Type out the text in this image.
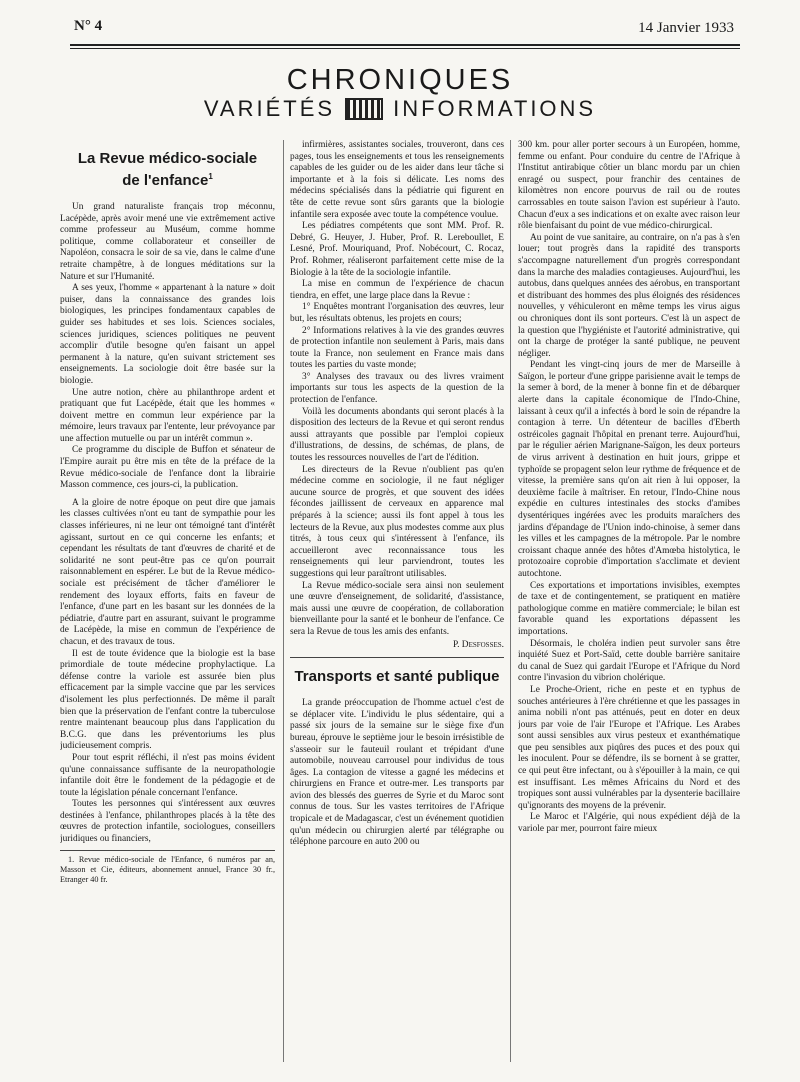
N° 4	14 Janvier 1933
CHRONIQUES
VARIÉTÉS	INFORMATIONS
La Revue médico-sociale
de l'enfance$^1$

Un grand naturaliste français trop méconnu, Lacépède, après avoir mené une vie extrêmement active comme professeur au Muséum, comme homme politique, comme collaborateur et conseiller de Napoléon, consacra le soir de sa vie, dans le calme d'une retraite champêtre, à de longues méditations sur la Nature et sur l'Humanité.

A ses yeux, l'homme « appartenant à la nature » doit puiser, dans la connaissance des grandes lois biologiques, les principes fondamentaux capables de guider ses habitudes et ses lois. Sciences sociales, sciences juridiques, sciences politiques ne peuvent accomplir d'utile besogne qu'en faisant un appel permanent à la nature, qu'en suivant strictement ses enseignements. La sociologie doit être basée sur la biologie.

Une autre notion, chère au philanthrope ardent et pratiquant que fut Lacépède, était que les hommes « doivent mettre en commun leur expérience par la mémoire, leurs travaux par l'entente, leur prévoyance par une affection mutuelle ou par un intérêt commun ».

Ce programme du disciple de Buffon et sénateur de l'Empire aurait pu être mis en tête de la préface de la Revue médico-sociale de l'enfance dont la librairie Masson commence, ces jours-ci, la publication.

A la gloire de notre époque on peut dire que jamais les classes cultivées n'ont eu tant de sympathie pour les classes inférieures, ni ne leur ont témoigné tant d'intérêt agissant, surtout en ce qui concerne les enfants; et cependant les résultats de tant d'œuvres de charité et de solidarité ne sont peut-être pas ce qu'on pourrait raisonnablement en espérer. Le but de la Revue médico-sociale est précisément de tâcher d'améliorer le rendement des loyaux efforts, faits en faveur de l'enfance, d'une part en les basant sur les données de la pédiatrie, d'autre part en assurant, suivant le programme de Lacépède, la mise en commun de l'expérience de chacun, et des travaux de tous.

Il est de toute évidence que la biologie est la base primordiale de toute médecine prophylactique. La défense contre la variole est assurée bien plus efficacement par la simple vaccine que par les services d'isolement les plus perfectionnés. De même il paraît bien que la préservation de l'enfant contre la tuberculose rentre maintenant beaucoup plus dans l'application du B.C.G. que dans les préventoriums les plus judicieusement compris.

Pour tout esprit réfléchi, il n'est pas moins évident qu'une connaissance suffisante de la neuropathologie infantile doit être le fondement de la pédagogie et de toute la législation pénale concernant l'enfance.

Toutes les personnes qui s'intéressent aux œuvres destinées à l'enfance, philanthropes placés à la tête des œuvres de protection infantile, sociologues, conseillers juridiques ou financiers,

1. Revue médico-sociale de l'Enfance, 6 numéros par an, Masson et Cie, éditeurs, abonnement annuel, France 30 fr., Etranger 40 fr.

infirmières, assistantes sociales, trouveront, dans ces pages, tous les enseignements et tous les renseignements capables de les guider ou de les aider dans leur tâche si importante et à la fois si délicate. Les noms des médecins spécialisés dans la pédiatrie qui figurent en tête de cette revue sont sûrs garants que la biologie infantile sera exposée avec toute la compétence voulue.

Les pédiatres compétents que sont MM. Prof. R. Debré, G. Heuyer, J. Huber, Prof. R. Lereboullet, E Lesné, Prof. Mouriquand, Prof. Nobécourt, C. Rocaz, Prof. Rohmer, réaliseront parfaitement cette mise de la Biologie à la tête de la sociologie infantile.

La mise en commun de l'expérience de chacun tiendra, en effet, une large place dans la Revue :

1° Enquêtes montrant l'organisation des œuvres, leur but, les résultats obtenus, les projets en cours;

2° Informations relatives à la vie des grandes œuvres de protection infantile non seulement à Paris, mais dans toute la France, non seulement en France mais dans toutes les parties du vaste monde;

3° Analyses des travaux ou des livres vraiment importants sur tous les aspects de la question de la protection de l'enfance.

Voilà les documents abondants qui seront placés à la disposition des lecteurs de la Revue et qui seront rendus aussi attrayants que possible par l'emploi copieux d'illustrations, de dessins, de schémas, de plans, de toutes les ressources nouvelles de l'art de l'édition.

Les directeurs de la Revue n'oublient pas qu'en médecine comme en sociologie, il ne faut négliger aucune source de progrès, et que souvent des idées fécondes jaillissent de cerveaux en apparence mal préparés à la science; aussi ils font appel à tous les lecteurs de la Revue, aux plus modestes comme aux plus titrés, à tous ceux qui s'intéressent à l'enfance, ils accueilleront avec reconnaissance tous les renseignements qui leur parviendront, toutes les suggestions qui leur paraîtront utilisables.

La Revue médico-sociale sera ainsi non seulement une œuvre d'enseignement, de solidarité, d'assistance, mais aussi une œuvre de coopération, de collaboration bienveillante pour la santé et le bonheur de l'enfance. Ce sera la Revue de tous les amis des enfants.

P. Desfosses.
Transports et santé publique

La grande préoccupation de l'homme actuel c'est de se déplacer vite. L'individu le plus sédentaire, qui a passé six jours de la semaine sur le siège fixe d'un bureau, éprouve le septième jour le besoin irrésistible de s'asseoir sur le fauteuil roulant et trépidant d'une automobile, nouveau carrousel pour individus de tous âges. La contagion de vitesse a gagné les médecins et chirurgiens en France et outre-mer. Les transports par avion des blessés des guerres de Syrie et du Maroc sont connus de tous. Sur les vastes territoires de l'Afrique tropicale et de Madagascar, c'est un événement quotidien qu'un médecin ou chirurgien alerté par télégraphe ou téléphone parcoure en auto 200 ou

300 km. pour aller porter secours à un Européen, homme, femme ou enfant. Pour conduire du centre de l'Afrique à l'Institut antirabique côtier un blanc mordu par un chien enragé ou suspect, pour franchir des centaines de kilomètres non encore pourvus de rail ou de routes carrossables en toute saison l'avion est supérieur à l'auto. Chacun d'eux a ses indications et on exalte avec raison leur rôle bienfaisant du point de vue médico-chirurgical.

Au point de vue sanitaire, au contraire, on n'a pas à s'en louer; tout progrès dans la rapidité des transports s'accompagne naturellement d'un progrès correspondant dans la marche des maladies contagieuses. Aujourd'hui, les autobus, dans quelques années des aérobus, en transportant et distribuant des hommes des plus éloignés des résidences nouvelles, y véhiculeront en même temps les virus aigus ou chroniques dont ils sont porteurs. C'est là un aspect de la question que l'hygiéniste et l'autorité administrative, qui ont la charge de protéger la santé publique, ne peuvent négliger.

Pendant les vingt-cinq jours de mer de Marseille à Saïgon, le porteur d'une grippe parisienne avait le temps de la semer à bord, de la mener à bonne fin et de débarquer alerte dans la capitale économique de l'Indo-Chine, laissant à ceux qu'il a infectés à bord le soin de répandre la contagion à terre. Un détenteur de bacilles d'Eberth ostréicoles gagnait l'hôpital en prenant terre. Aujourd'hui, par le régulier aérien Marignane-Saïgon, les deux porteurs de virus arrivent à destination en huit jours, grippe et typhoïde se propagent selon leur rythme de fréquence et de vitesse, la première sans qu'on ait rien à lui opposer, la deuxième facile à maîtriser. En retour, l'Indo-Chine nous expédie en cultures intestinales des stocks d'amibes dysentériques ingérées avec les produits maraîchers des jardins d'épandage de l'Union indo-chinoise, à semer dans les villes et les campagnes de la métropole. Par le nombre croissant chaque année des hôtes d'Amœba histolytica, le protozoaire coprobie d'importation s'acclimate et devient autochtone.

Ces exportations et importations invisibles, exemptes de taxe et de contingentement, se pratiquent en matière pathologique comme en matière commerciale; le bilan est favorable quand les exportations dépassent les importations.

Désormais, le choléra indien peut survoler sans être inquiété Suez et Port-Saïd, cette double barrière sanitaire du canal de Suez qui gardait l'Europe et l'Afrique du Nord contre l'invasion du vibrion cholérique.

Le Proche-Orient, riche en peste et en typhus de souches antérieures à l'ère chrétienne et que les passages in anima nobili n'ont pas atténués, peut en doter en deux jours par voie de l'air l'Europe et l'Afrique. Les Arabes sont aussi sensibles aux virus pesteux et exanthématique que peu sensibles aux piqûres des puces et des poux qui les inoculent. Pour se défendre, ils se bornent à se gratter, ce qui peut être infectant, ou à s'épouiller à la main, ce qui est insuffisant. Les mêmes Africains du Nord et des tropiques sont aussi vulnérables par la dysenterie bacillaire qu'ignorants des moyens de la prévenir.

Le Maroc et l'Algérie, qui nous expédient déjà de la variole par mer, pourront faire mieux
